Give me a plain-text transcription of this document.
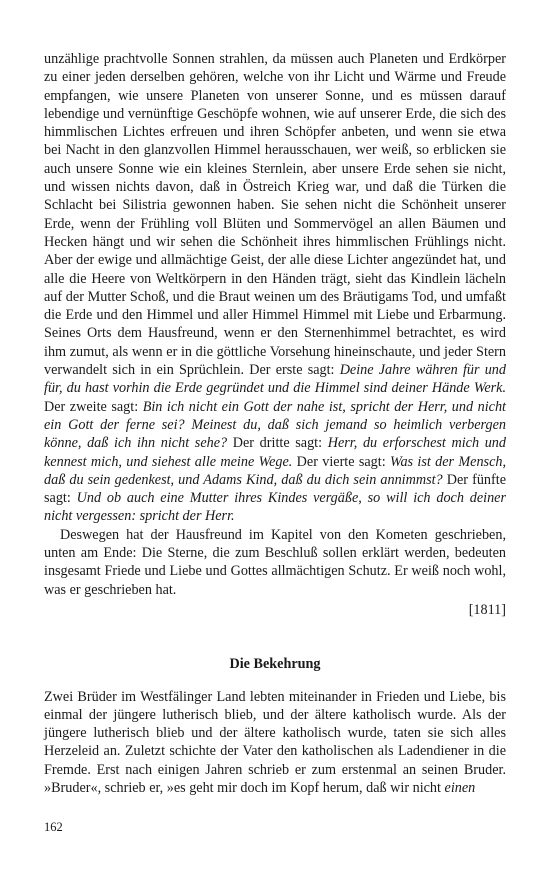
unzählige prachtvolle Sonnen strahlen, da müssen auch Planeten und Erdkörper zu einer jeden derselben gehören, welche von ihr Licht und Wärme und Freude empfangen, wie unsere Planeten von unserer Sonne, und es müssen darauf lebendige und vernünftige Geschöpfe wohnen, wie auf unserer Erde, die sich des himmlischen Lichtes erfreuen und ihren Schöpfer anbeten, und wenn sie etwa bei Nacht in den glanzvollen Himmel herausschauen, wer weiß, so erblicken sie auch unsere Sonne wie ein kleines Sternlein, aber unsere Erde sehen sie nicht, und wissen nichts davon, daß in Östreich Krieg war, und daß die Türken die Schlacht bei Silistria gewonnen haben. Sie sehen nicht die Schönheit unserer Erde, wenn der Frühling voll Blüten und Sommervögel an allen Bäumen und Hecken hängt und wir sehen die Schönheit ihres himmlischen Frühlings nicht. Aber der ewige und allmächtige Geist, der alle diese Lichter angezündet hat, und alle die Heere von Weltkörpern in den Händen trägt, sieht das Kindlein lächeln auf der Mutter Schoß, und die Braut weinen um des Bräutigams Tod, und umfaßt die Erde und den Himmel und aller Himmel Himmel mit Liebe und Erbarmung. Seines Orts dem Hausfreund, wenn er den Sternenhimmel betrachtet, es wird ihm zumut, als wenn er in die göttliche Vorsehung hineinschaute, und jeder Stern verwandelt sich in ein Sprüchlein. Der erste sagt: Deine Jahre währen für und für, du hast vorhin die Erde gegründet und die Himmel sind deiner Hände Werk. Der zweite sagt: Bin ich nicht ein Gott der nahe ist, spricht der Herr, und nicht ein Gott der ferne sei? Meinest du, daß sich jemand so heimlich verbergen könne, daß ich ihn nicht sehe? Der dritte sagt: Herr, du erforschest mich und kennest mich, und siehest alle meine Wege. Der vierte sagt: Was ist der Mensch, daß du sein gedenkest, und Adams Kind, daß du dich sein annimmst? Der fünfte sagt: Und ob auch eine Mutter ihres Kindes vergäße, so will ich doch deiner nicht vergessen: spricht der Herr.

Deswegen hat der Hausfreund im Kapitel von den Kometen geschrieben, unten am Ende: Die Sterne, die zum Beschluß sollen erklärt werden, bedeuten insgesamt Friede und Liebe und Gottes allmächtigen Schutz. Er weiß noch wohl, was er geschrieben hat.

[1811]
Die Bekehrung

Zwei Brüder im Westfälinger Land lebten miteinander in Frieden und Liebe, bis einmal der jüngere lutherisch blieb, und der ältere katholisch wurde. Als der jüngere lutherisch blieb und der ältere katholisch wurde, taten sie sich alles Herzeleid an. Zuletzt schichte der Vater den katholischen als Ladendiener in die Fremde. Erst nach einigen Jahren schrieb er zum erstenmal an seinen Bruder. »Bruder«, schrieb er, »es geht mir doch im Kopf herum, daß wir nicht einen

162
